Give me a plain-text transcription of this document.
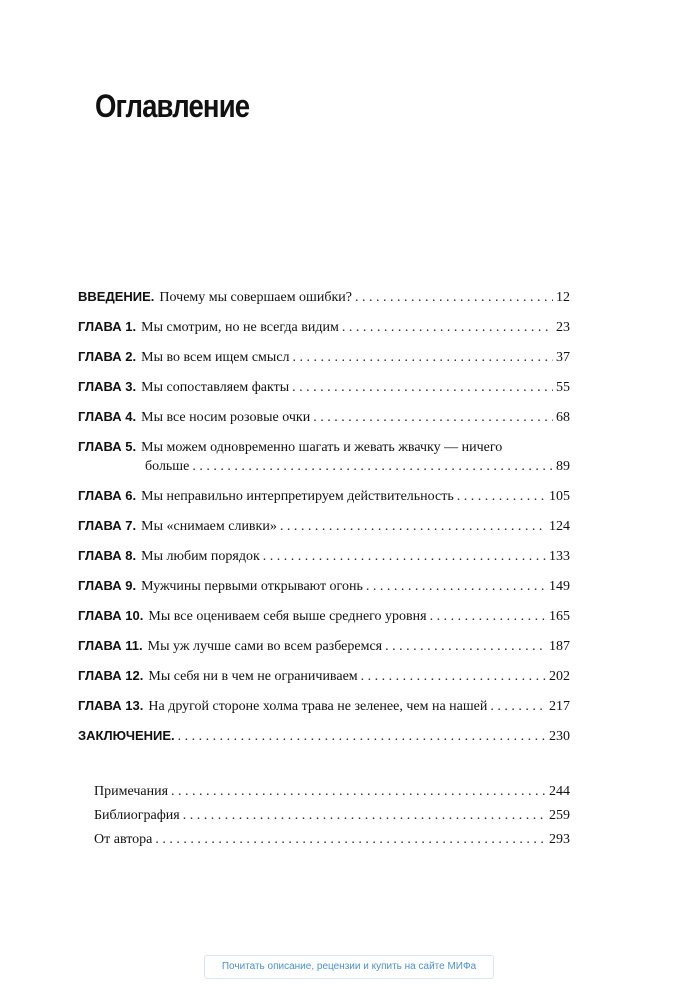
Оглавление
ВВЕДЕНИЕ. Почему мы совершаем ошибки? . . .	12
ГЛАВА 1. Мы смотрим, но не всегда видим . . .	23
ГЛАВА 2. Мы во всем ищем смысл . . .	37
ГЛАВА 3. Мы сопоставляем факты . . .	55
ГЛАВА 4. Мы все носим розовые очки . . .	68
ГЛАВА 5. Мы можем одновременно шагать и жевать жвачку — ничего
больше . . .	89
ГЛАВА 6. Мы неправильно интерпретируем действительность . . .	105
ГЛАВА 7. Мы «снимаем сливки» . . .	124
ГЛАВА 8. Мы любим порядок . . .	133
ГЛАВА 9. Мужчины первыми открывают огонь . . .	149
ГЛАВА 10. Мы все оцениваем себя выше среднего уровня . . .	165
ГЛАВА 11. Мы уж лучше сами во всем разберемся . . .	187
ГЛАВА 12. Мы себя ни в чем не ограничиваем . . .	202
ГЛАВА 13. На другой стороне холма трава не зеленее, чем на нашей . . .	217
ЗАКЛЮЧЕНИЕ. . . .	230
Примечания . . .	244
Библиография . . .	259
От автора . . .	293
Почитать описание, рецензии и купить на сайте МИФа
